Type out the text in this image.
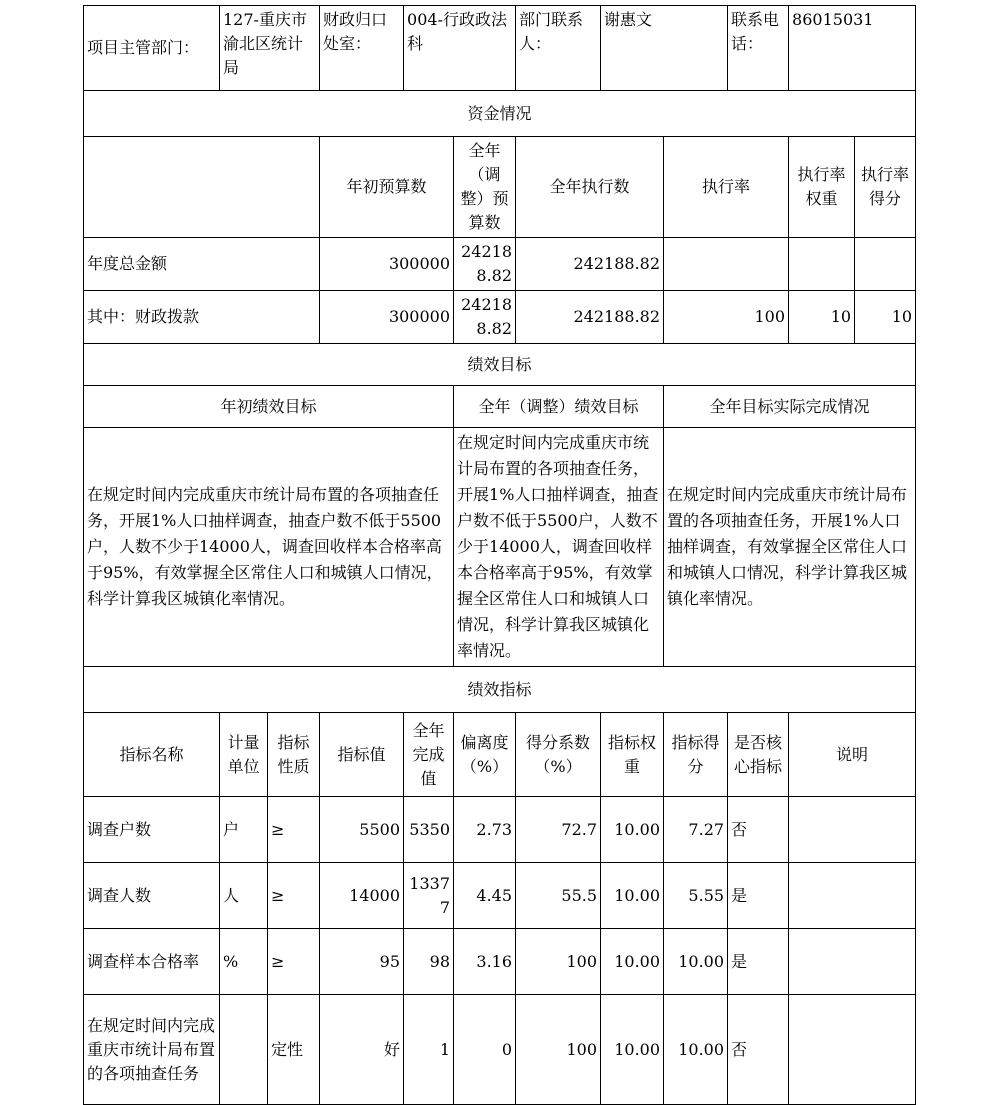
项目主管部门：	127-重庆市渝北区统计局		财政归口处室：	004-行政政法科		部门联系人：	谢惠文		联系电话：	86015031	
资金情况											
			年初预算数		全年（调整）预算数	全年执行数		执行率		执行率权重	执行率得分
年度总金额			300000		242188.82	242188.82					
其中：财政拨款			300000		242188.82	242188.82		100		10	10
绩效目标											
年初绩效目标					全年（调整）绩效目标			全年目标实际完成情况			
在规定时间内完成重庆市统计局布置的各项抽查任务，开展1%人口抽样调查，抽查户数不低于5500户，人数不少于14000人，调查回收样本合格率高于95%，有效掌握全区常住人口和城镇人口情况，科学计算我区城镇化率情况。					在规定时间内完成重庆市统计局布置的各项抽查任务，开展1%人口抽样调查，抽查户数不低于5500户，人数不少于14000人，调查回收样本合格率高于95%，有效掌握全区常住人口和城镇人口情况，科学计算我区城镇化率情况。			在规定时间内完成重庆市统计局布置的各项抽查任务，开展1%人口抽样调查，有效掌握全区常住人口和城镇人口情况，科学计算我区城镇化率情况。			
绩效指标											
指标名称	计量单位	指标性质	指标值	全年完成值	偏离度（%）	得分系数（%）	指标权重	指标得分	是否核心指标	说明	
调查户数	户	≥	5500	5350	2.73	72.7	10.00	7.27	否		
调查人数	人	≥	14000	13377	4.45	55.5	10.00	5.55	是		
调查样本合格率	%	≥	95	98	3.16	100	10.00	10.00	是		
在规定时间内完成重庆市统计局布置的各项抽查任务		定性	好	1	0	100	10.00	10.00	否		
